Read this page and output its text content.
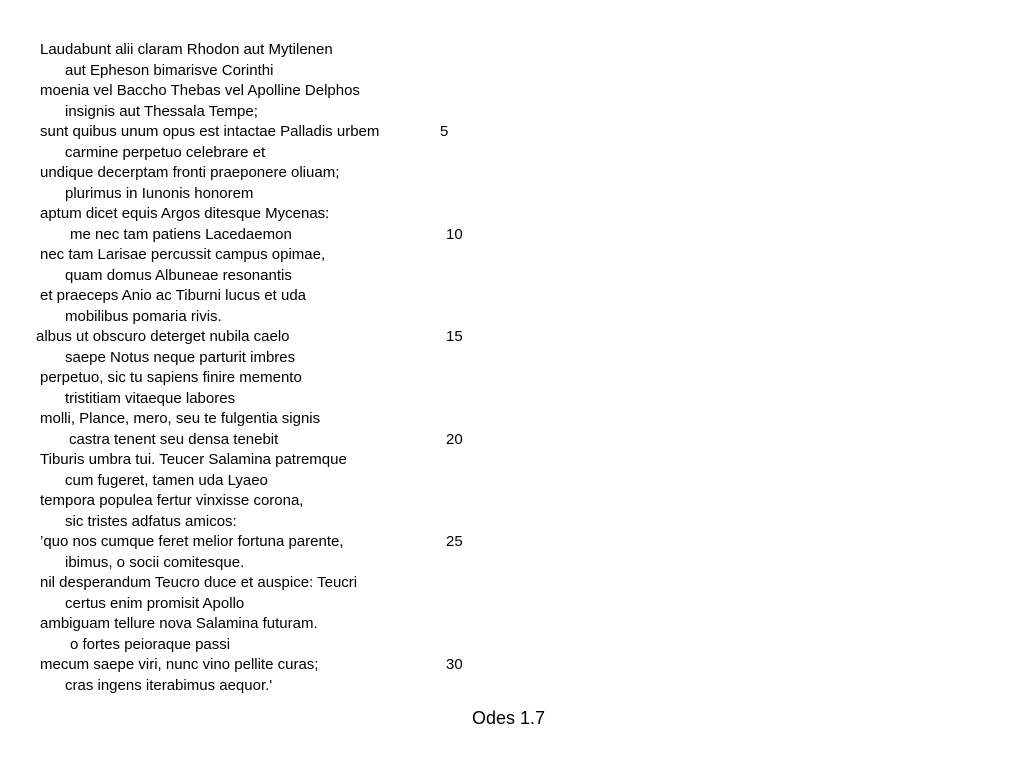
Laudabunt alii claram Rhodon aut Mytilenen
aut Epheson bimarisve Corinthi
moenia vel Baccho Thebas vel Apolline Delphos
insignis aut Thessala Tempe;
sunt quibus unum opus est intactae Palladis urbem	5
carmine perpetuo celebrare et
undique decerptam fronti praeponere oliuam;
plurimus in Iunonis honorem
aptum dicet equis Argos ditesque Mycenas:
me nec tam patiens Lacedaemon	10
nec tam Larisae percussit campus opimae,
quam domus Albuneae resonantis
et praeceps Anio ac Tiburni lucus et uda
mobilibus pomaria rivis.
albus ut obscuro deterget nubila caelo	15
saepe Notus neque parturit imbres
perpetuo, sic tu sapiens finire memento
tristitiam vitaeque labores
molli, Plance, mero, seu te fulgentia signis
castra tenent seu densa tenebit	20
Tiburis umbra tui. Teucer Salamina patremque
cum fugeret, tamen uda Lyaeo
tempora populea fertur vinxisse corona,
sic tristes adfatus amicos:
’quo nos cumque feret melior fortuna parente,	25
ibimus, o socii comitesque.
nil desperandum Teucro duce et auspice: Teucri
certus enim promisit Apollo
ambiguam tellure nova Salamina futuram.
o fortes peioraque passi
mecum saepe viri, nunc vino pellite curas;	30
cras ingens iterabimus aequor.'
Odes 1.7
